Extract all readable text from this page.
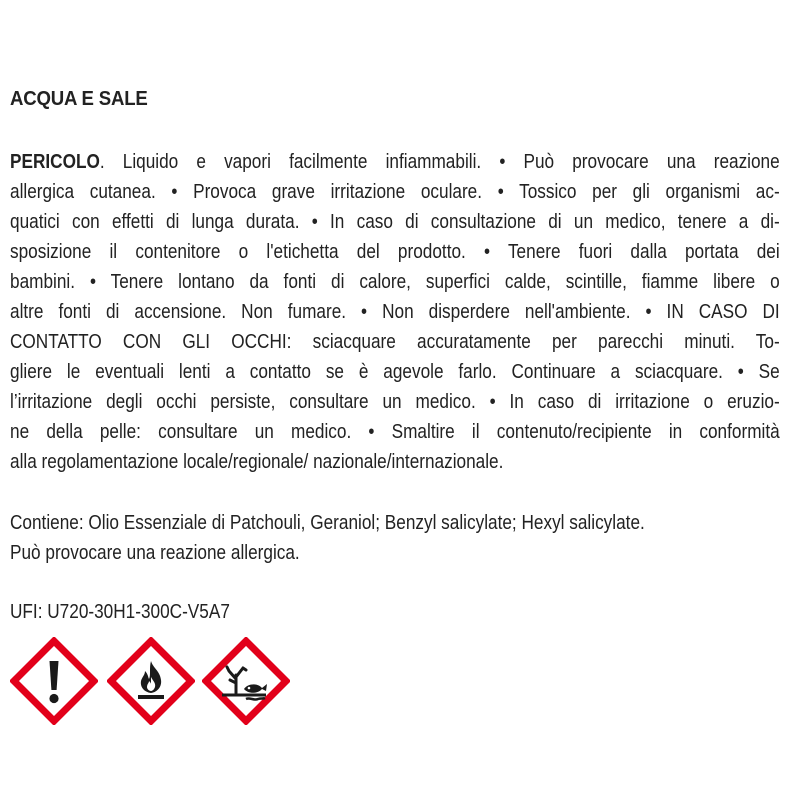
ACQUA E SALE
PERICOLO. Liquido e vapori facilmente infiammabili. • Può provocare una reazione
allergica cutanea. • Provoca grave irritazione oculare. • Tossico per gli organismi ac-
quatici con effetti di lunga durata. • In caso di consultazione di un medico, tenere a di-
sposizione il contenitore o l'etichetta del prodotto. • Tenere fuori dalla portata dei
bambini. • Tenere lontano da fonti di calore, superfici calde, scintille, fiamme libere o
altre fonti di accensione. Non fumare. • Non disperdere nell'ambiente. • IN CASO DI
CONTATTO CON GLI OCCHI: sciacquare accuratamente per parecchi minuti. To-
gliere le eventuali lenti a contatto se è agevole farlo. Continuare a sciacquare. • Se
l’irritazione degli occhi persiste, consultare un medico. • In caso di irritazione o eruzio-
ne della pelle: consultare un medico. • Smaltire il contenuto/recipiente in conformità
alla regolamentazione locale/regionale/ nazionale/internazionale.
Contiene: Olio Essenziale di Patchouli, Geraniol; Benzyl salicylate; Hexyl salicylate.
Può provocare una reazione allergica.
UFI: U720-30H1-300C-V5A7
